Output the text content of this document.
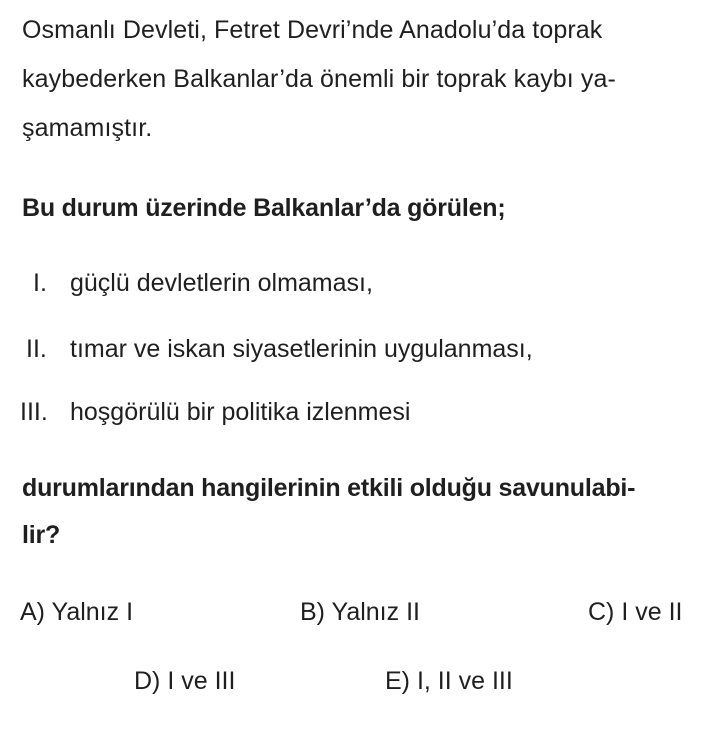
Osmanlı Devleti, Fetret Devri’nde Anadolu’da toprak
kaybederken Balkanlar’da önemli bir toprak kaybı ya-
şamamıştır.
Bu durum üzerinde Balkanlar’da görülen;
I. güçlü devletlerin olmaması,
II. tımar ve iskan siyasetlerinin uygulanması,
III. hoşgörülü bir politika izlenmesi
durumlarından hangilerinin etkili olduğu savunulabi-
lir?
A) Yalnız I	B) Yalnız II	C) I ve II
D) I ve III	E) I, II ve III
